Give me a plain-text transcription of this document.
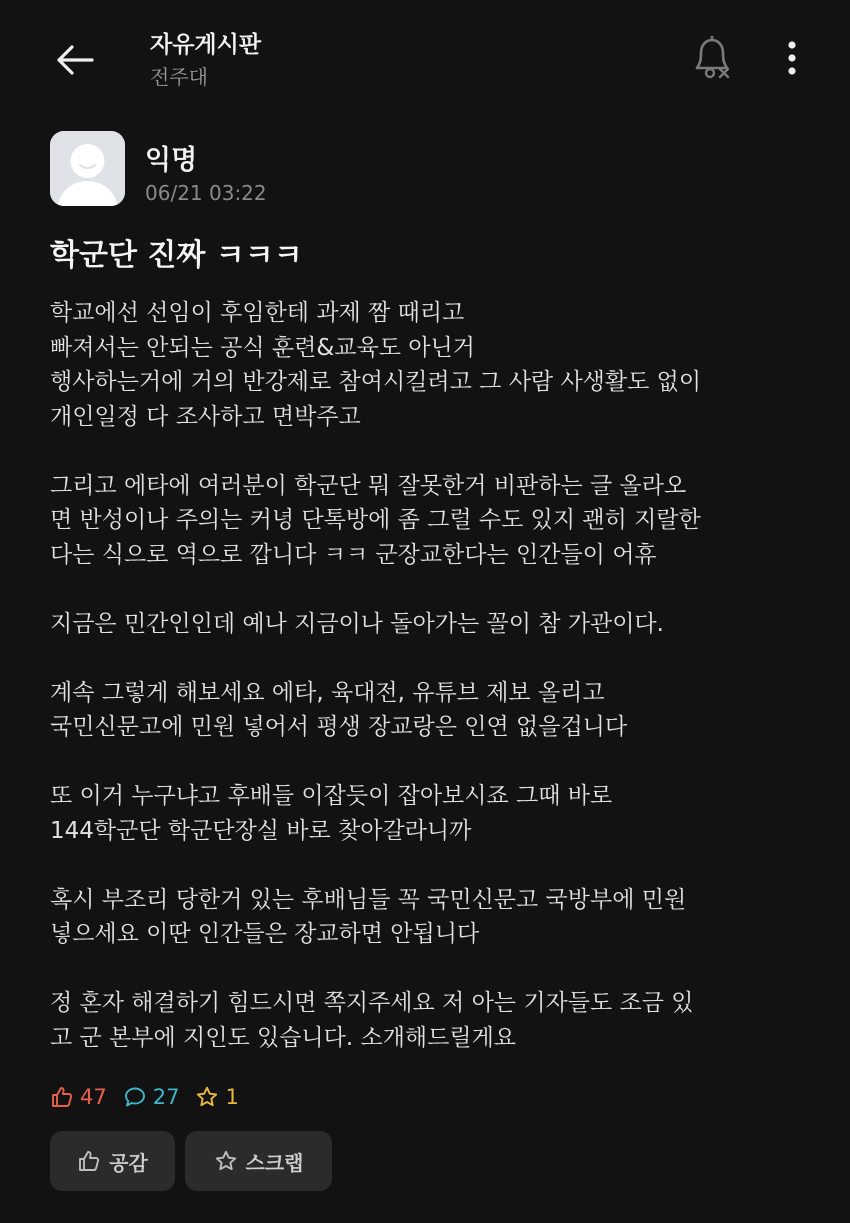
자유게시판
전주대
익명
06/21 03:22
학군단 진짜 ㅋㅋㅋ

학교에선 선임이 후임한테 과제 짬 때리고
빠져서는 안되는 공식 훈련&교육도 아닌거
행사하는거에 거의 반강제로 참여시킬려고 그 사람 사생활도 없이
개인일정 다 조사하고 면박주고

그리고 에타에 여러분이 학군단 뭐 잘못한거 비판하는 글 올라오
면 반성이나 주의는 커녕 단톡방에 좀 그럴 수도 있지 괜히 지랄한
다는 식으로 역으로 깝니다 ㅋㅋ 군장교한다는 인간들이 어휴

지금은 민간인인데 예나 지금이나 돌아가는 꼴이 참 가관이다.

계속 그렇게 해보세요 에타, 육대전, 유튜브 제보 올리고
국민신문고에 민원 넣어서 평생 장교랑은 인연 없을겁니다

또 이거 누구냐고 후배들 이잡듯이 잡아보시죠 그때 바로
144학군단 학군단장실 바로 찾아갈라니까

혹시 부조리 당한거 있는 후배님들 꼭 국민신문고 국방부에 민원
넣으세요 이딴 인간들은 장교하면 안됩니다

정 혼자 해결하기 힘드시면 쪽지주세요 저 아는 기자들도 조금 있
고 군 본부에 지인도 있습니다. 소개해드릴게요

47 27 1
공감	스크랩
